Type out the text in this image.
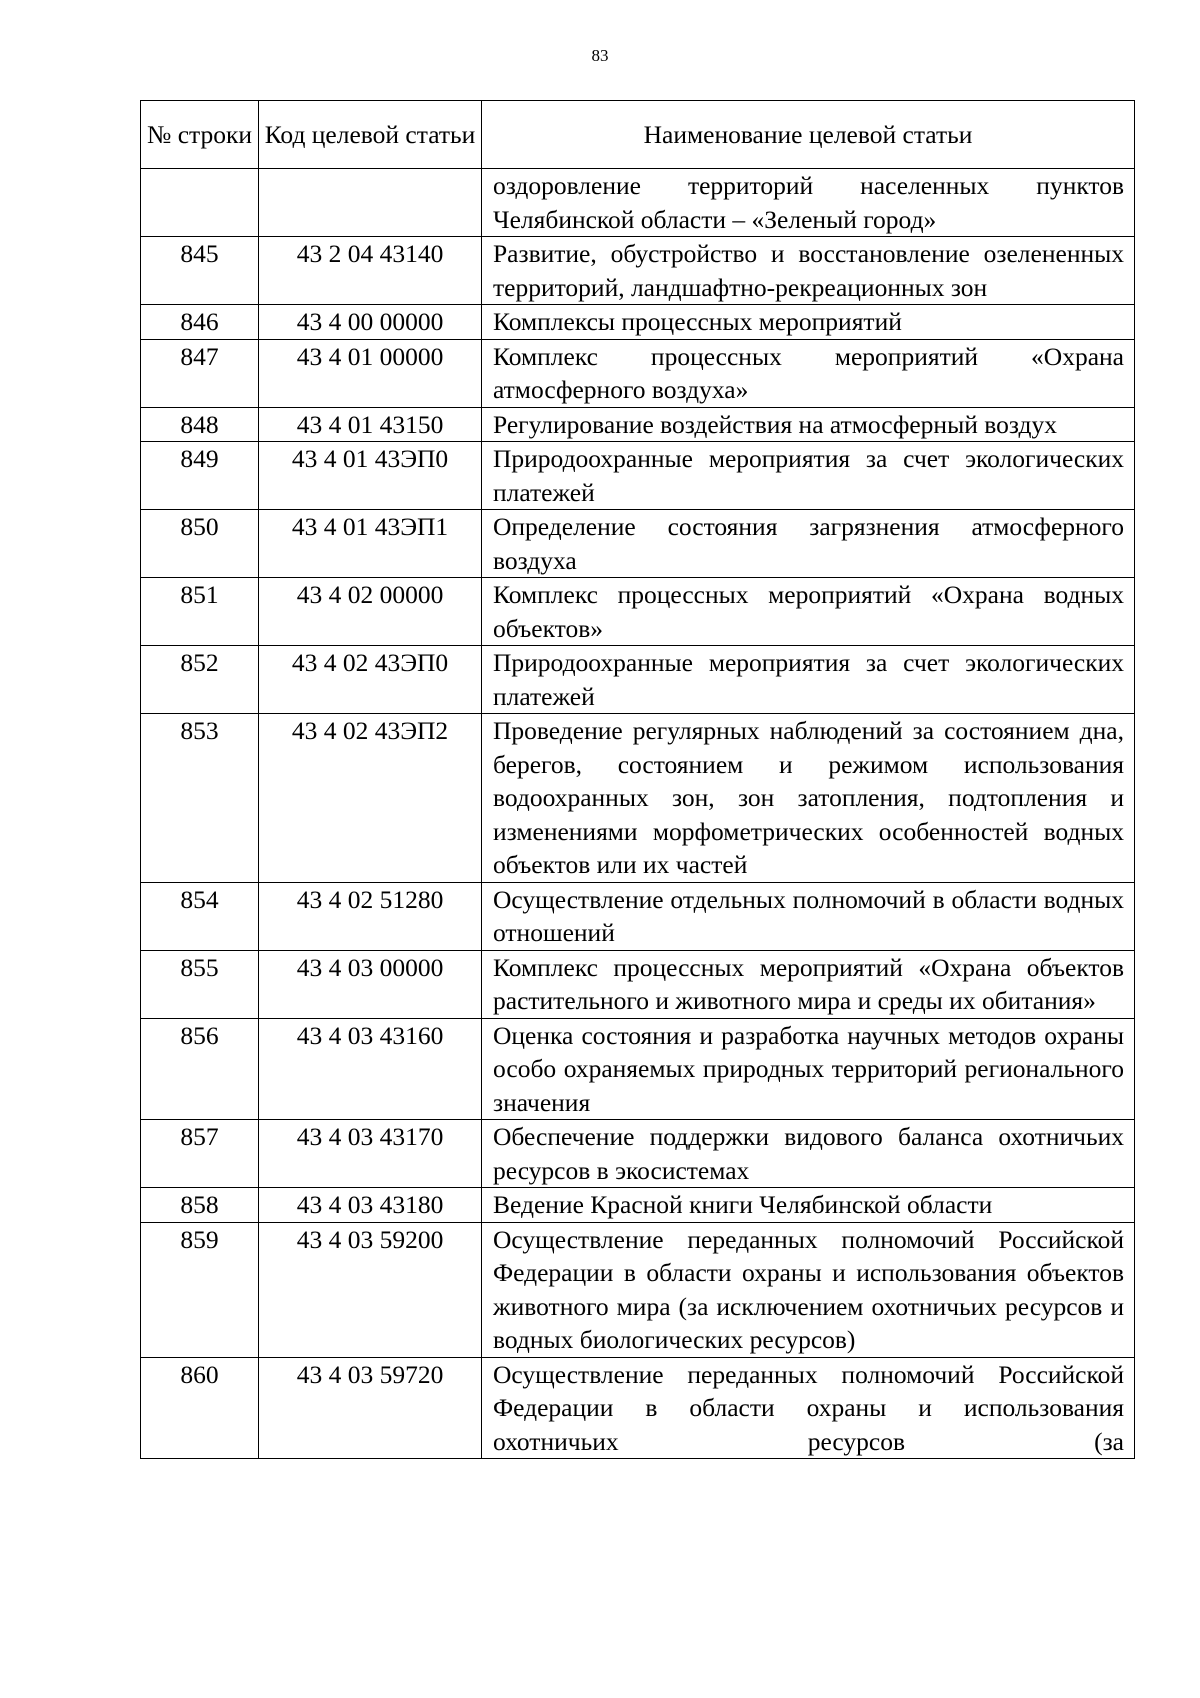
83
№ строки	Код целевой статьи	Наименование целевой статьи
		оздоровление территорий населенных пунктов Челябинской области – «Зеленый город»
845	43 2 04 43140	Развитие, обустройство и восстановление озелененных территорий, ландшафтно-рекреационных зон
846	43 4 00 00000	Комплексы процессных мероприятий
847	43 4 01 00000	Комплекс процессных мероприятий «Охрана атмосферного воздуха»
848	43 4 01 43150	Регулирование воздействия на атмосферный воздух
849	43 4 01 43ЭП0	Природоохранные мероприятия за счет экологических платежей
850	43 4 01 43ЭП1	Определение состояния загрязнения атмосферного воздуха
851	43 4 02 00000	Комплекс процессных мероприятий «Охрана водных объектов»
852	43 4 02 43ЭП0	Природоохранные мероприятия за счет экологических платежей
853	43 4 02 43ЭП2	Проведение регулярных наблюдений за состоянием дна, берегов, состоянием и режимом использования водоохранных зон, зон затопления, подтопления и изменениями морфометрических особенностей водных объектов или их частей
854	43 4 02 51280	Осуществление отдельных полномочий в области водных отношений
855	43 4 03 00000	Комплекс процессных мероприятий «Охрана объектов растительного и животного мира и среды их обитания»
856	43 4 03 43160	Оценка состояния и разработка научных методов охраны особо охраняемых природных территорий регионального значения
857	43 4 03 43170	Обеспечение поддержки видового баланса охотничьих ресурсов в экосистемах
858	43 4 03 43180	Ведение Красной книги Челябинской области
859	43 4 03 59200	Осуществление переданных полномочий Российской Федерации в области охраны и использования объектов животного мира (за исключением охотничьих ресурсов и водных биологических ресурсов)
860	43 4 03 59720	Осуществление переданных полномочий Российской Федерации в области охраны и использования охотничьих ресурсов (за
